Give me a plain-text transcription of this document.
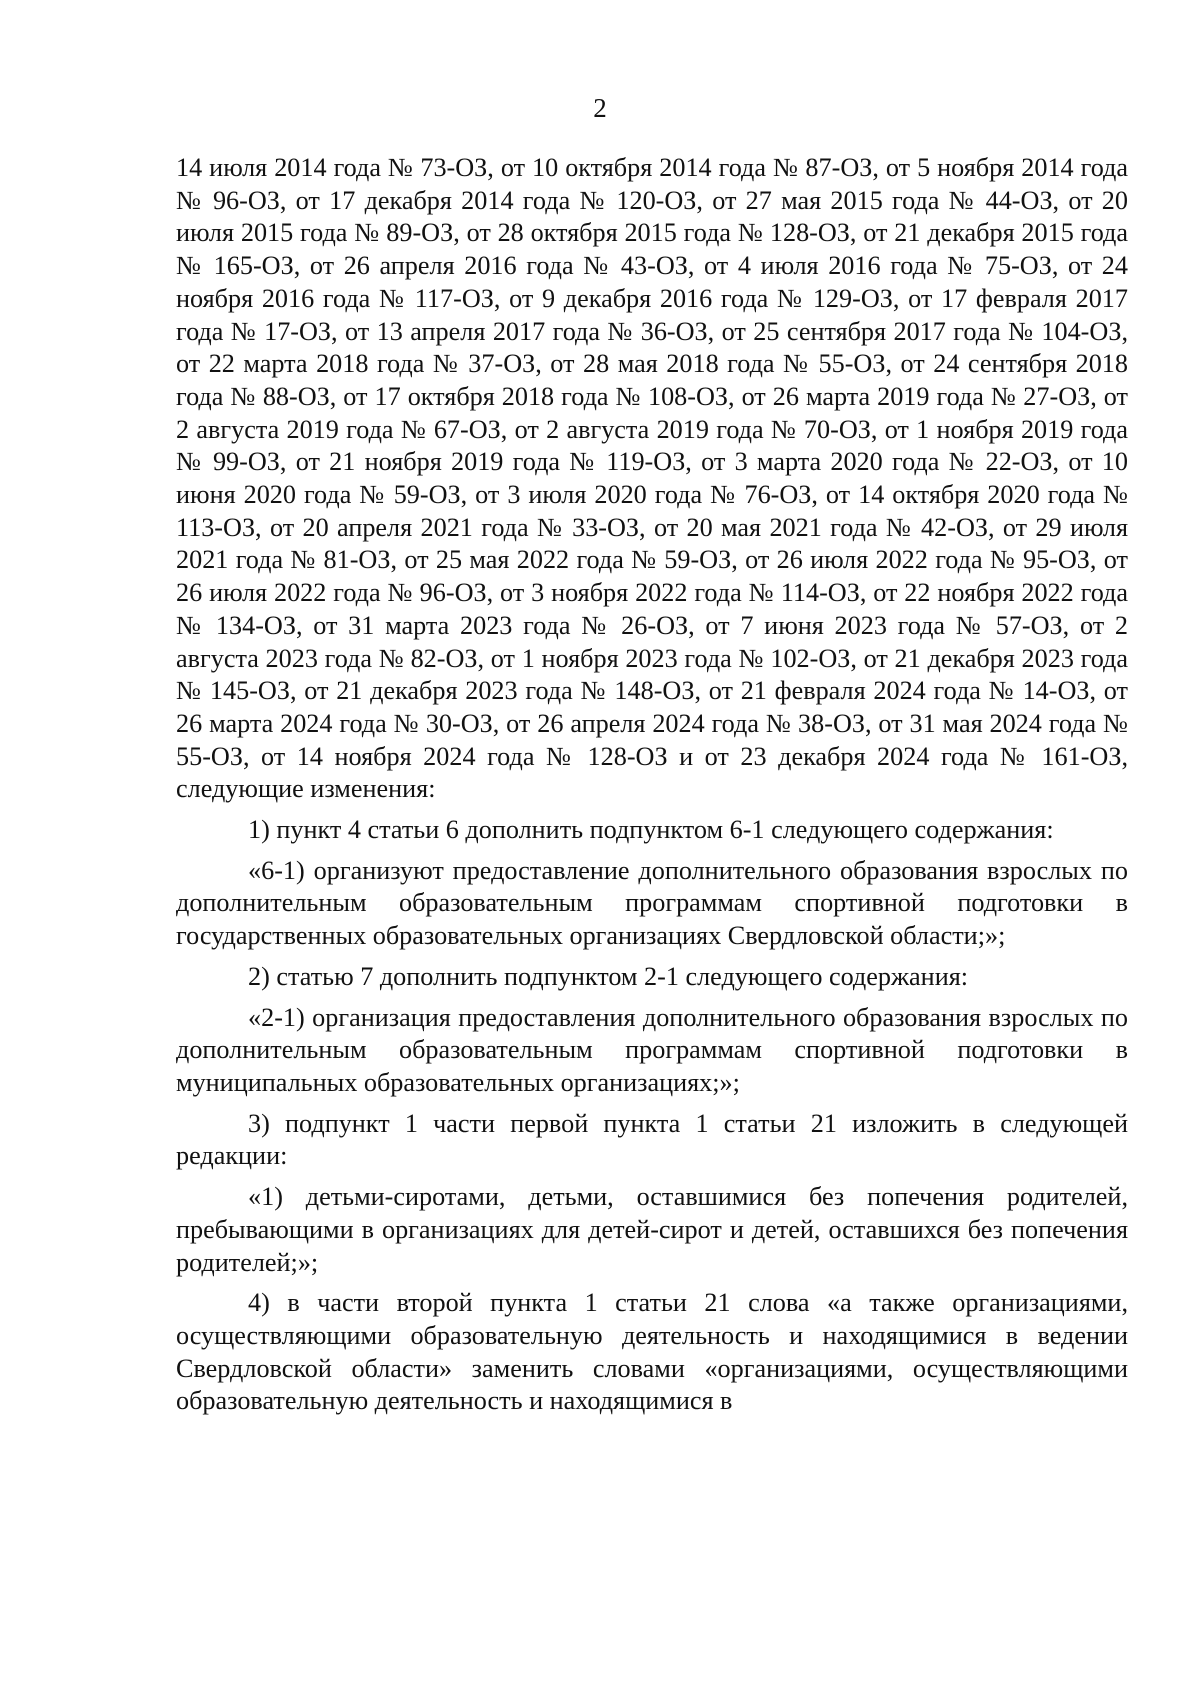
2

14 июля 2014 года № 73-ОЗ, от 10 октября 2014 года № 87-ОЗ, от 5 ноября 2014 года № 96-ОЗ, от 17 декабря 2014 года № 120-ОЗ, от 27 мая 2015 года № 44-ОЗ, от 20 июля 2015 года № 89-ОЗ, от 28 октября 2015 года № 128-ОЗ, от 21 декабря 2015 года № 165-ОЗ, от 26 апреля 2016 года № 43-ОЗ, от 4 июля 2016 года № 75-ОЗ, от 24 ноября 2016 года № 117-ОЗ, от 9 декабря 2016 года № 129-ОЗ, от 17 февраля 2017 года № 17-ОЗ, от 13 апреля 2017 года № 36-ОЗ, от 25 сентября 2017 года № 104-ОЗ, от 22 марта 2018 года № 37-ОЗ, от 28 мая 2018 года № 55-ОЗ, от 24 сентября 2018 года № 88-ОЗ, от 17 октября 2018 года № 108-ОЗ, от 26 марта 2019 года № 27-ОЗ, от 2 августа 2019 года № 67-ОЗ, от 2 августа 2019 года № 70-ОЗ, от 1 ноября 2019 года № 99-ОЗ, от 21 ноября 2019 года № 119-ОЗ, от 3 марта 2020 года № 22-ОЗ, от 10 июня 2020 года № 59-ОЗ, от 3 июля 2020 года № 76-ОЗ, от 14 октября 2020 года № 113-ОЗ, от 20 апреля 2021 года № 33-ОЗ, от 20 мая 2021 года № 42-ОЗ, от 29 июля 2021 года № 81-ОЗ, от 25 мая 2022 года № 59-ОЗ, от 26 июля 2022 года № 95-ОЗ, от 26 июля 2022 года № 96-ОЗ, от 3 ноября 2022 года № 114-ОЗ, от 22 ноября 2022 года № 134-ОЗ, от 31 марта 2023 года № 26-ОЗ, от 7 июня 2023 года № 57-ОЗ, от 2 августа 2023 года № 82-ОЗ, от 1 ноября 2023 года № 102-ОЗ, от 21 декабря 2023 года № 145-ОЗ, от 21 декабря 2023 года № 148-ОЗ, от 21 февраля 2024 года № 14-ОЗ, от 26 марта 2024 года № 30-ОЗ, от 26 апреля 2024 года № 38-ОЗ, от 31 мая 2024 года № 55-ОЗ, от 14 ноября 2024 года № 128-ОЗ и от 23 декабря 2024 года № 161-ОЗ, следующие изменения:

1) пункт 4 статьи 6 дополнить подпунктом 6-1 следующего содержания:

«6-1) организуют предоставление дополнительного образования взрослых по дополнительным образовательным программам спортивной подготовки в государственных образовательных организациях Свердловской области;»;

2) статью 7 дополнить подпунктом 2-1 следующего содержания:

«2-1) организация предоставления дополнительного образования взрослых по дополнительным образовательным программам спортивной подготовки в муниципальных образовательных организациях;»;

3) подпункт 1 части первой пункта 1 статьи 21 изложить в следующей редакции:

«1) детьми-сиротами, детьми, оставшимися без попечения родителей, пребывающими в организациях для детей-сирот и детей, оставшихся без попечения родителей;»;

4) в части второй пункта 1 статьи 21 слова «а также организациями, осуществляющими образовательную деятельность и находящимися в ведении Свердловской области» заменить словами «организациями, осуществляющими образовательную деятельность и находящимися в
